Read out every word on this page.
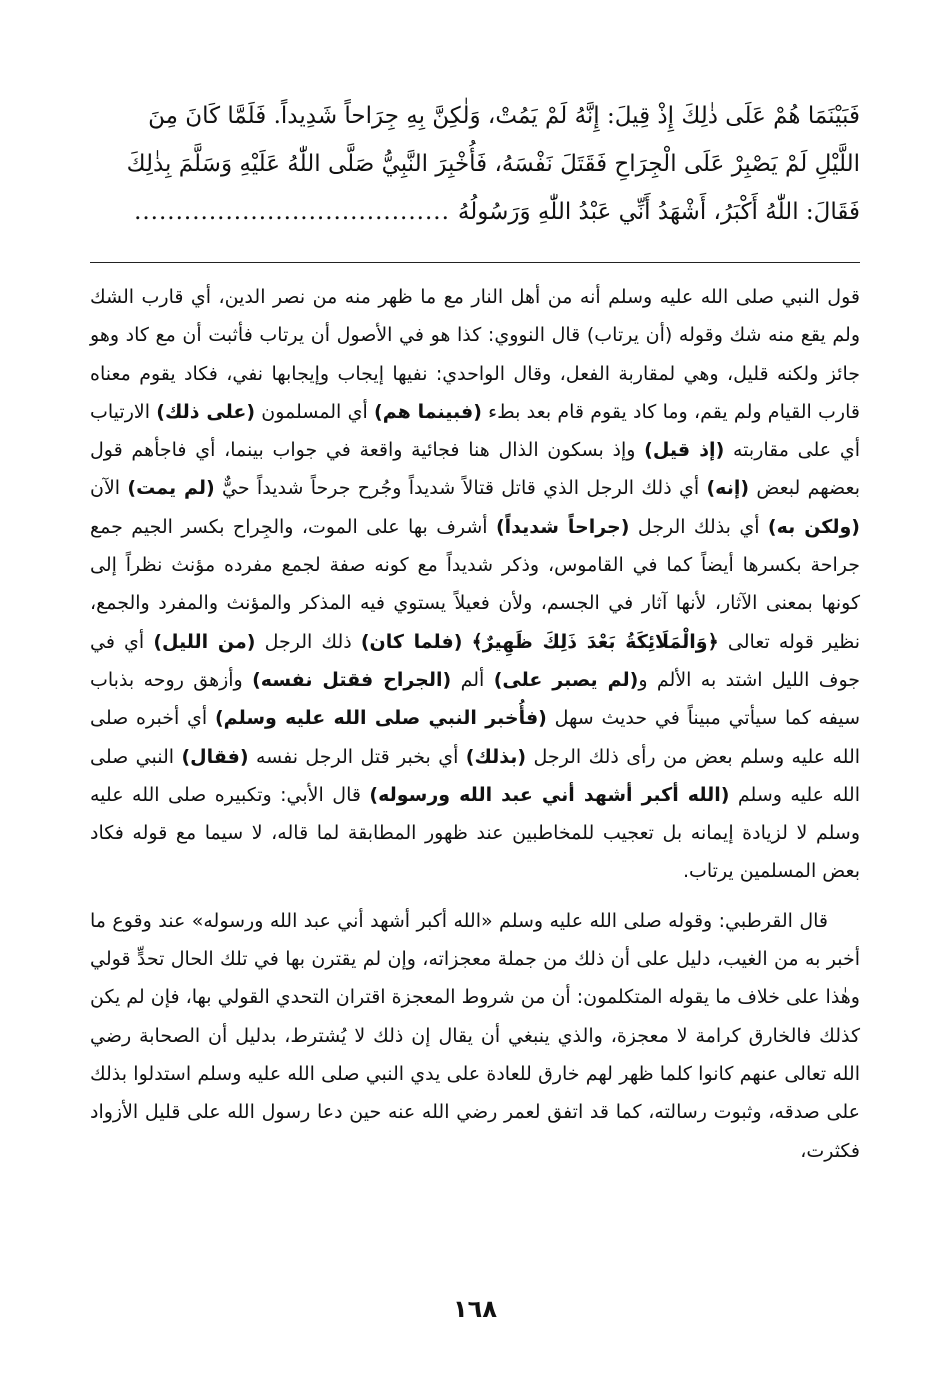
فَبَيْنَمَا هُمْ عَلَى ذٰلِكَ إِذْ قِيلَ: إِنَّهُ لَمْ يَمُتْ، وَلٰكِنَّ بِهِ جِرَاحاً شَدِيداً. فَلَمَّا كَانَ مِنَ
اللَّيْلِ لَمْ يَصْبِرْ عَلَى الْجِرَاحِ فَقَتَلَ نَفْسَهُ، فَأُخْبِرَ النَّبِيُّ صَلَّى اللّٰهُ عَلَيْهِ وَسَلَّمَ بِذٰلِكَ
فَقَالَ: اللّٰهُ أَكْبَرُ، أَشْهَدُ أَنِّي عَبْدُ اللّٰهِ وَرَسُولُهُ......................................

قول النبي صلى الله عليه وسلم أنه من أهل النار مع ما ظهر منه من نصر الدين، أي قارب الشك ولم يقع منه شك وقوله (أن يرتاب) قال النووي: كذا هو في الأصول أن يرتاب فأثبت أن مع كاد وهو جائز ولكنه قليل، وهي لمقاربة الفعل، وقال الواحدي: نفيها إيجاب وإيجابها نفي، فكاد يقوم معناه قارب القيام ولم يقم، وما كاد يقوم قام بعد بطء (فبينما هم) أي المسلمون (على ذلك) الارتياب أي على مقاربته (إذ قيل) وإذ بسكون الذال هنا فجائية واقعة في جواب بينما، أي فاجأهم قول بعضهم لبعض (إنه) أي ذلك الرجل الذي قاتل قتالاً شديداً وجُرح جرحاً شديداً حيٌّ (لم يمت) الآن (ولكن به) أي بذلك الرجل (جراحاً شديداً) أشرف بها على الموت، والجِراح بكسر الجيم جمع جراحة بكسرها أيضاً كما في القاموس، وذكر شديداً مع كونه صفة لجمع مفرده مؤنث نظراً إلى كونها بمعنى الآثار، لأنها آثار في الجسم، ولأن فعيلاً يستوي فيه المذكر والمؤنث والمفرد والجمع، نظير قوله تعالى ﴿وَالْمَلَائِكَةُ بَعْدَ ذَلِكَ ظَهِيرٌ﴾ (فلما كان) ذلك الرجل (من الليل) أي في جوف الليل اشتد به الألم و(لم يصبر على) ألم (الجراح فقتل نفسه) وأزهق روحه بذباب سيفه كما سيأتي مبيناً في حديث سهل (فأُخبر النبي صلى الله عليه وسلم) أي أخبره صلى الله عليه وسلم بعض من رأى ذلك الرجل (بذلك) أي بخبر قتل الرجل نفسه (فقال) النبي صلى الله عليه وسلم (الله أكبر أشهد أني عبد الله ورسوله) قال الأبي: وتكبيره صلى الله عليه وسلم لا لزيادة إيمانه بل تعجيب للمخاطبين عند ظهور المطابقة لما قاله، لا سيما مع قوله فكاد بعض المسلمين يرتاب.

قال القرطبي: وقوله صلى الله عليه وسلم «الله أكبر أشهد أني عبد الله ورسوله» عند وقوع ما أخبر به من الغيب، دليل على أن ذلك من جملة معجزاته، وإن لم يقترن بها في تلك الحال تحدٍّ قولي وهٰذا على خلاف ما يقوله المتكلمون: أن من شروط المعجزة اقتران التحدي القولي بها، فإن لم يكن كذلك فالخارق كرامة لا معجزة، والذي ينبغي أن يقال إن ذلك لا يُشترط، بدليل أن الصحابة رضي الله تعالى عنهم كانوا كلما ظهر لهم خارق للعادة على يدي النبي صلى الله عليه وسلم استدلوا بذلك على صدقه، وثبوت رسالته، كما قد اتفق لعمر رضي الله عنه حين دعا رسول الله على قليل الأزواد فكثرت،

١٦٨
